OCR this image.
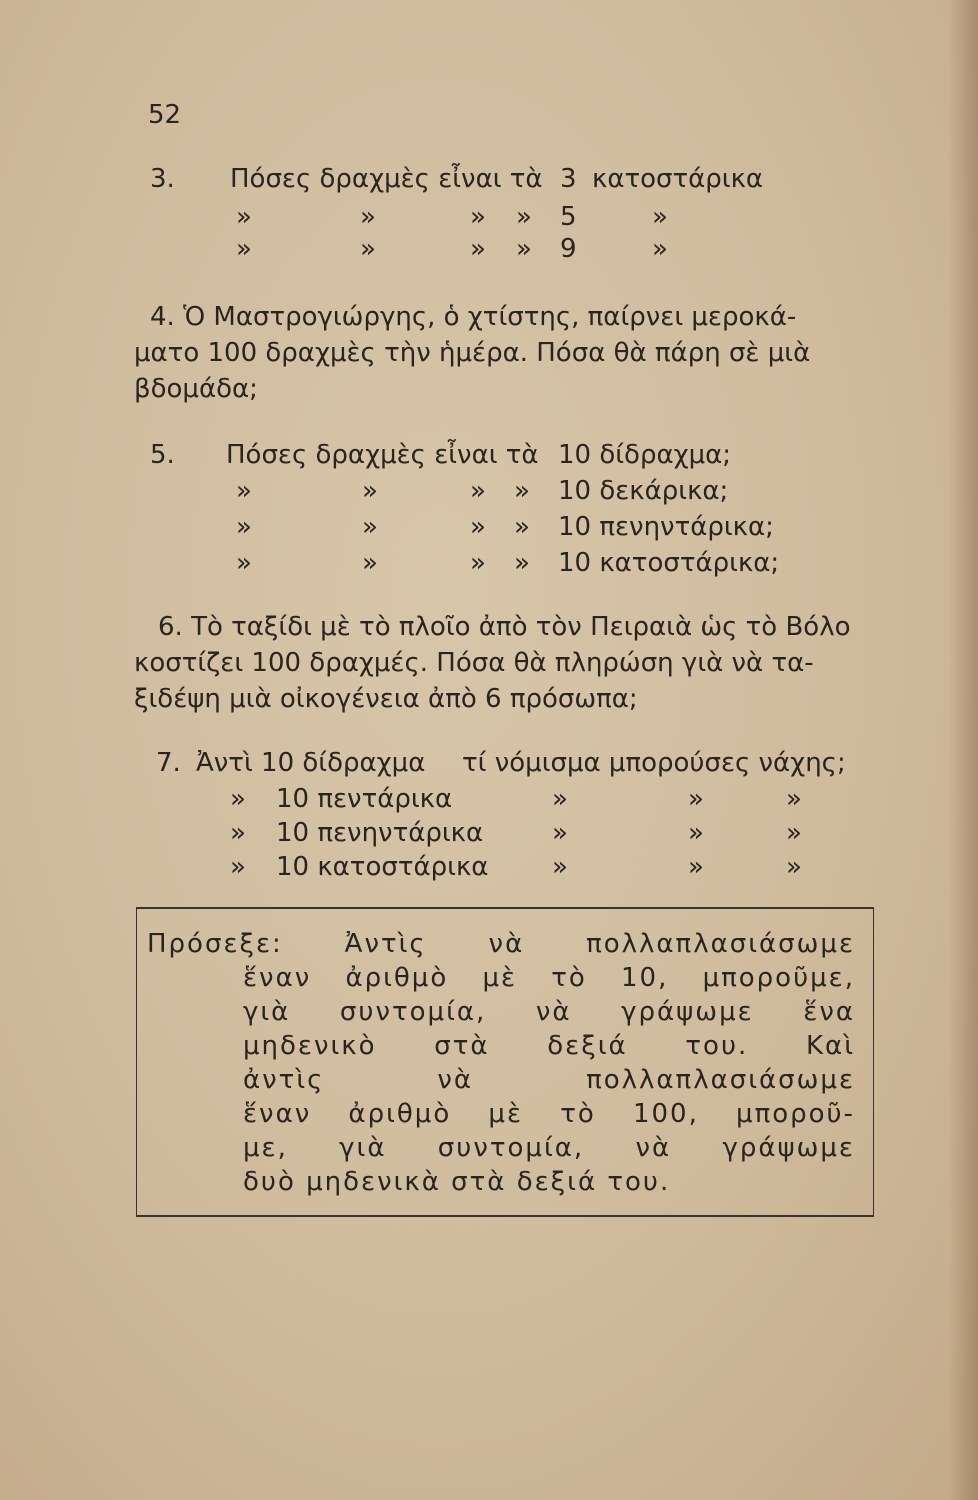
52
3. Πόσες δραχμὲς εἶναι τὰ 3 κατοστάρικα
»	»	» » 5	»
»	»	» » 9	»
4. Ὁ Μαστρογιώργης, ὁ χτίστης, παίρνει μεροκά-
ματο 100 δραχμὲς τὴν ἡμέρα. Πόσα θὰ πάρη σὲ μιὰ
βδομάδα;
5. Πόσες δραχμὲς εἶναι τὰ 10 δίδραχμα;
»	»	» » 10 δεκάρικα;
»	»	» » 10 πενηντάρικα;
»	»	» » 10 κατοστάρικα;
6. Τὸ ταξίδι μὲ τὸ πλοῖο ἀπὸ τὸν Πειραιὰ ὡς τὸ Βόλο
κοστίζει 100 δραχμές. Πόσα θὰ πληρώση γιὰ νὰ τα-
ξιδέψη μιὰ οἰκογένεια ἀπὸ 6 πρόσωπα;
7. Ἀντὶ 10 δίδραχμα τί νόμισμα μπορούσες νάχης;
» 10 πεντάρικα	»	»	»
» 10 πενηντάρικα	»	»	»
» 10 κατοστάρικα »	»	»
Πρόσεξε: Ἀντὶς νὰ πολλαπλασιάσωμε
ἕναν ἀριθμὸ μὲ τὸ 10, μποροῦμε,
γιὰ συντομία, νὰ γράψωμε ἕνα
μηδενικὸ στὰ δεξιά του. Καὶ
ἀντὶς νὰ πολλαπλασιάσωμε
ἕναν ἀριθμὸ μὲ τὸ 100, μποροῦ-
με, γιὰ συντομία, νὰ γράψωμε
δυὸ μηδενικὰ στὰ δεξιά του.
